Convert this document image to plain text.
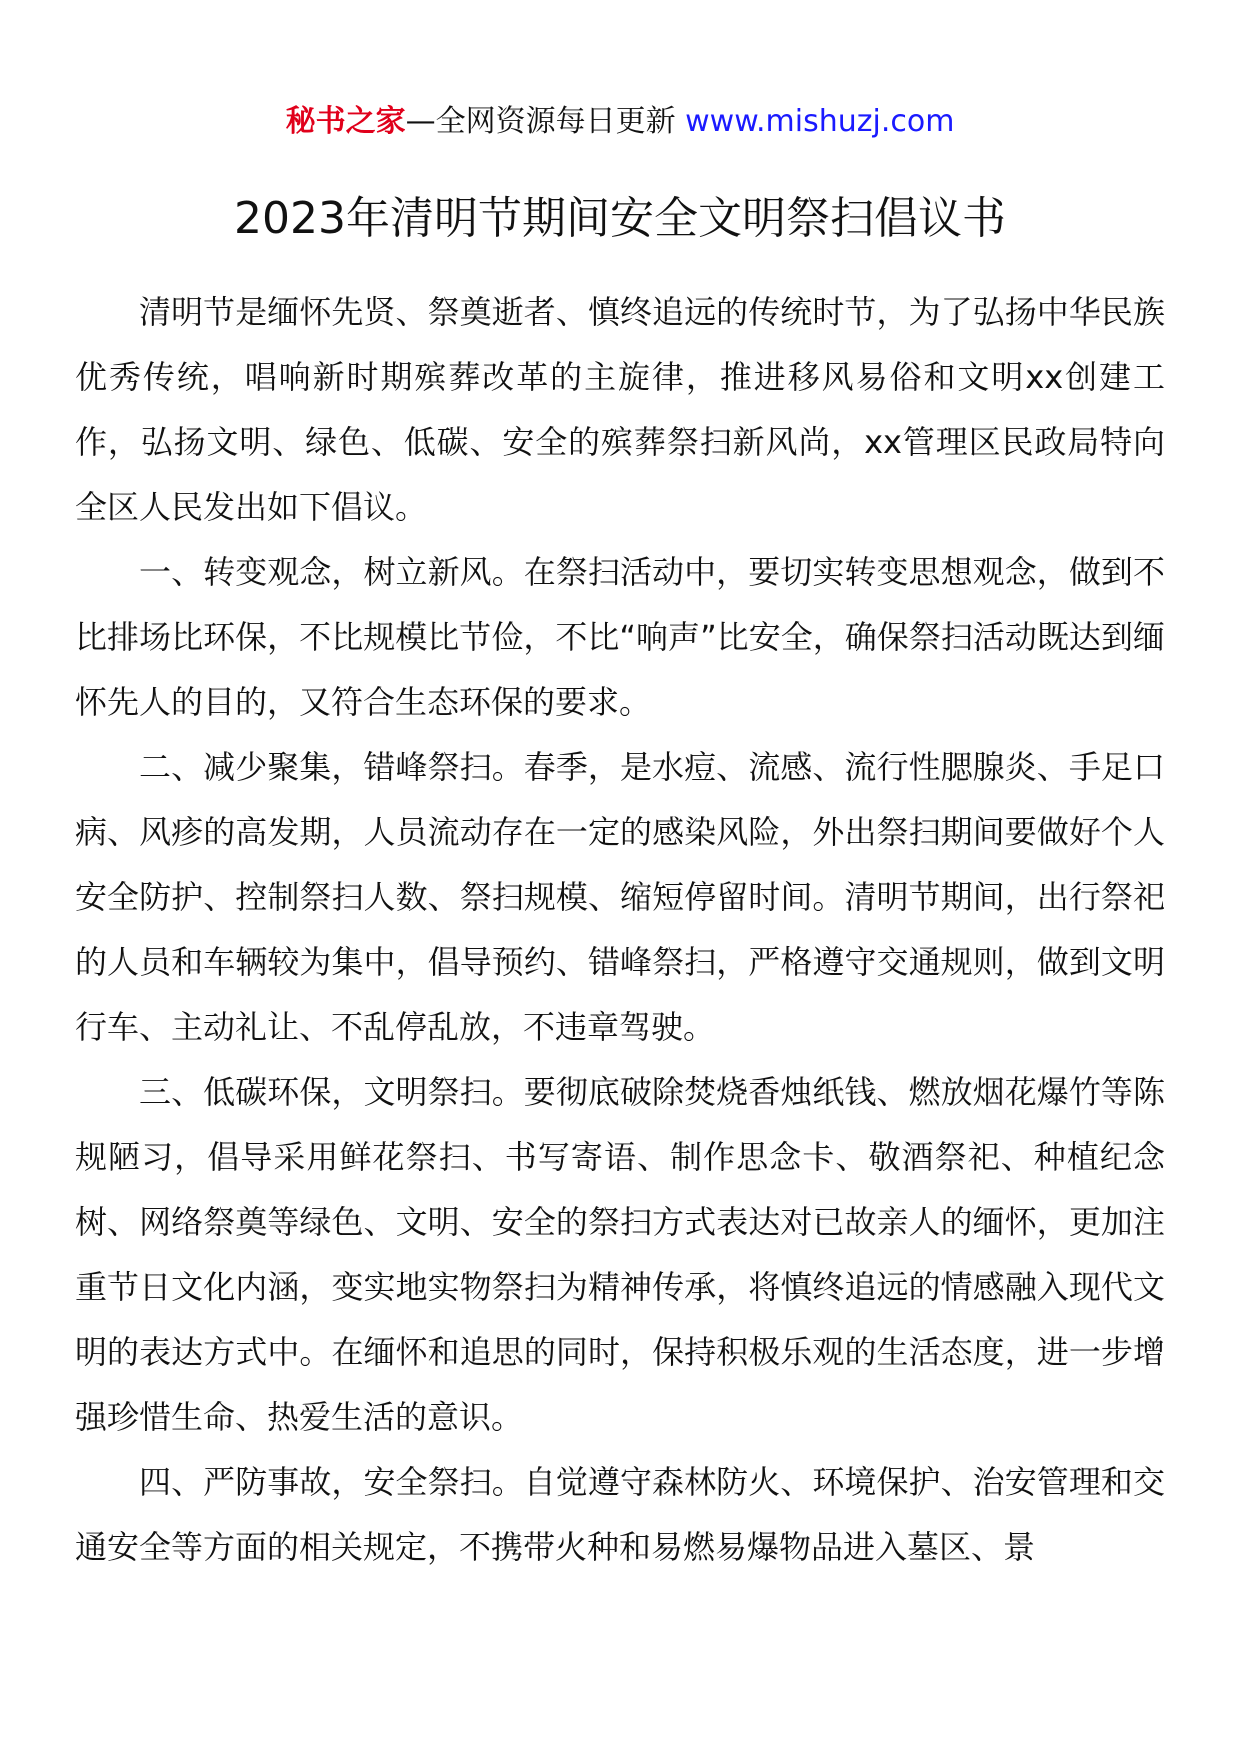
秘书之家—全网资源每日更新 www.mishuzj.com
2023年清明节期间安全文明祭扫倡议书

清明节是缅怀先贤、祭奠逝者、慎终追远的传统时节，为了弘扬中华民族优秀传统，唱响新时期殡葬改革的主旋律，推进移风易俗和文明xx创建工作，弘扬文明、绿色、低碳、安全的殡葬祭扫新风尚，xx管理区民政局特向全区人民发出如下倡议。

一、转变观念，树立新风。在祭扫活动中，要切实转变思想观念，做到不比排场比环保，不比规模比节俭，不比“响声”比安全，确保祭扫活动既达到缅怀先人的目的，又符合生态环保的要求。

二、减少聚集，错峰祭扫。春季，是水痘、流感、流行性腮腺炎、手足口病、风疹的高发期，人员流动存在一定的感染风险，外出祭扫期间要做好个人安全防护、控制祭扫人数、祭扫规模、缩短停留时间。清明节期间，出行祭祀的人员和车辆较为集中，倡导预约、错峰祭扫，严格遵守交通规则，做到文明行车、主动礼让、不乱停乱放，不违章驾驶。

三、低碳环保，文明祭扫。要彻底破除焚烧香烛纸钱、燃放烟花爆竹等陈规陋习，倡导采用鲜花祭扫、书写寄语、制作思念卡、敬酒祭祀、种植纪念树、网络祭奠等绿色、文明、安全的祭扫方式表达对已故亲人的缅怀，更加注重节日文化内涵，变实地实物祭扫为精神传承，将慎终追远的情感融入现代文明的表达方式中。在缅怀和追思的同时，保持积极乐观的生活态度，进一步增强珍惜生命、热爱生活的意识。

四、严防事故，安全祭扫。自觉遵守森林防火、环境保护、治安管理和交通安全等方面的相关规定，不携带火种和易燃易爆物品进入墓区、景
